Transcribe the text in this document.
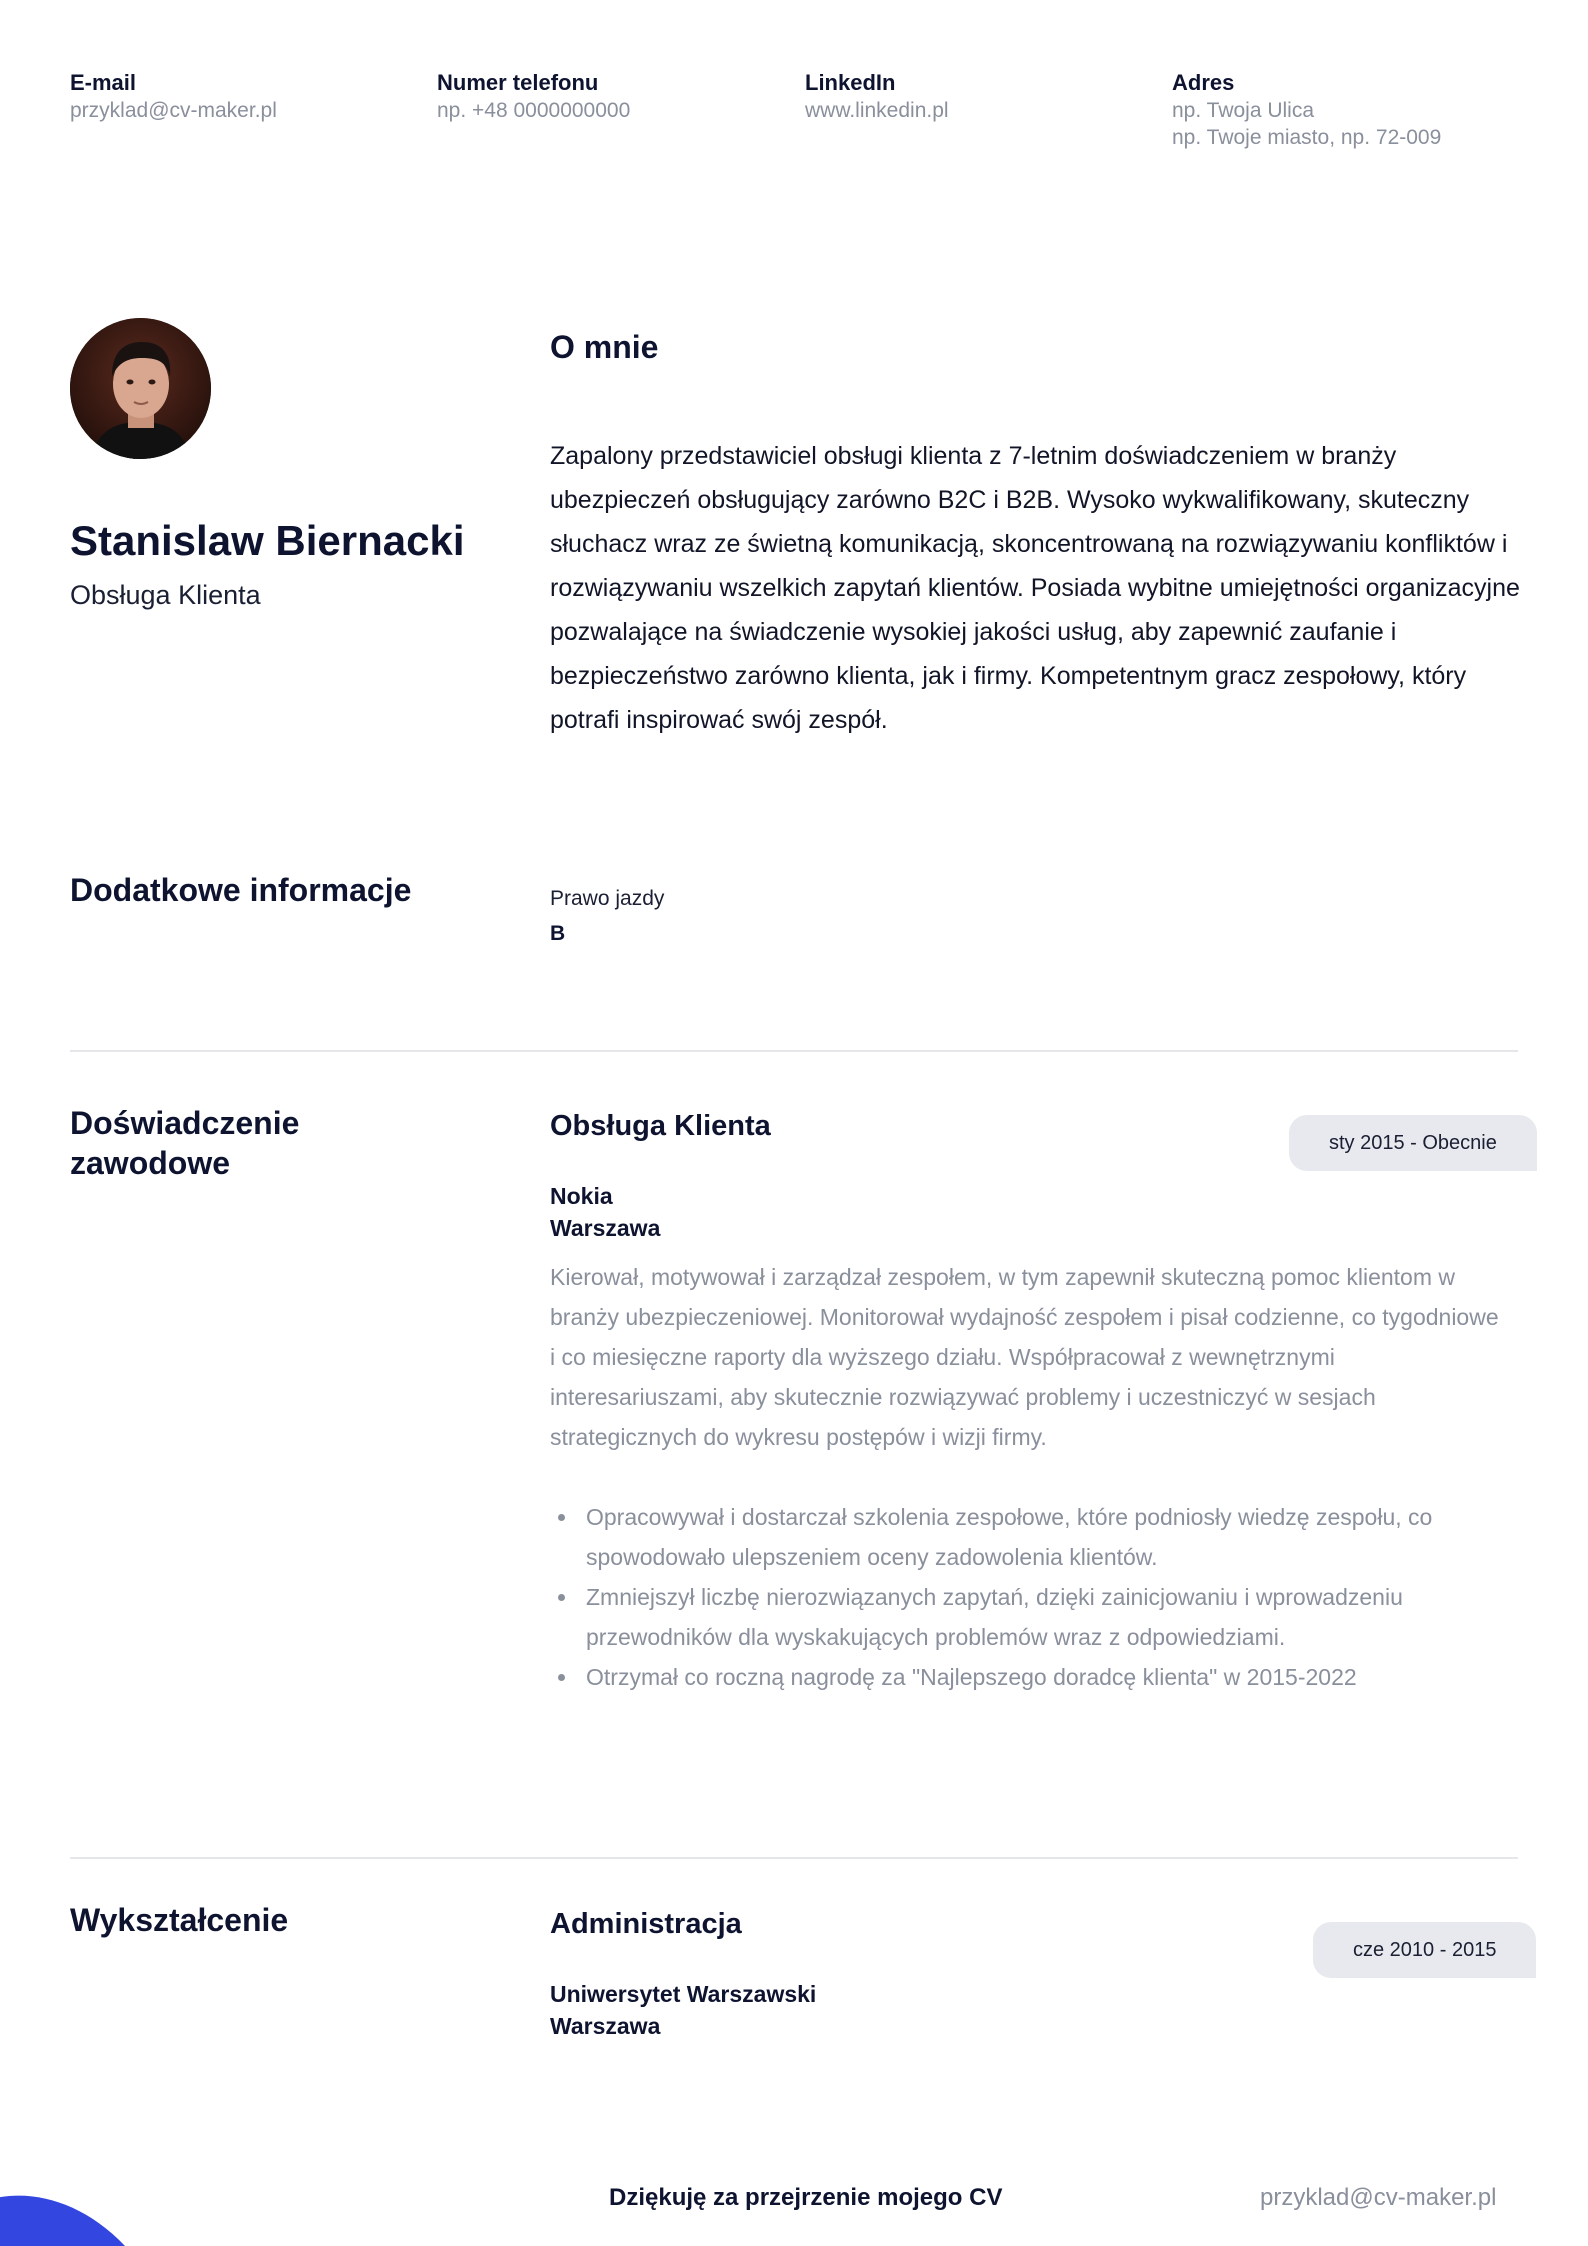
E-mail
przyklad@cv-maker.pl
Numer telefonu
np. +48 0000000000
LinkedIn
www.linkedin.pl
Adres
np. Twoja Ulica
np. Twoje miasto, np. 72-009
Stanislaw Biernacki
Obsługa Klienta
O mnie
Zapalony przedstawiciel obsługi klienta z 7-letnim doświadczeniem w branży ubezpieczeń obsługujący zarówno B2C i B2B. Wysoko wykwalifikowany, skuteczny słuchacz wraz ze świetną komunikacją, skoncentrowaną na rozwiązywaniu konfliktów i rozwiązywaniu wszelkich zapytań klientów. Posiada wybitne umiejętności organizacyjne pozwalające na świadczenie wysokiej jakości usług, aby zapewnić zaufanie i bezpieczeństwo zarówno klienta, jak i firmy. Kompetentnym gracz zespołowy, który potrafi inspirować swój zespół.
Dodatkowe informacje	Prawo jazdy
B
Doświadczenie zawodowe
Obsługa Klienta
sty 2015 - Obecnie
Nokia
Warszawa
Kierował, motywował i zarządzał zespołem, w tym zapewnił skuteczną pomoc klientom w branży ubezpieczeniowej. Monitorował wydajność zespołem i pisał codzienne, co tygodniowe i co miesięczne raporty dla wyższego działu. Współpracował z wewnętrznymi interesariuszami, aby skutecznie rozwiązywać problemy i uczestniczyć w sesjach strategicznych do wykresu postępów i wizji firmy.
Opracowywał i dostarczał szkolenia zespołowe, które podniosły wiedzę zespołu, co spowodowało ulepszeniem oceny zadowolenia klientów.
Zmniejszył liczbę nierozwiązanych zapytań, dzięki zainicjowaniu i wprowadzeniu przewodników dla wyskakujących problemów wraz z odpowiedziami.
Otrzymał co roczną nagrodę za "Najlepszego doradcę klienta" w 2015-2022
Wykształcenie	Administracja
cze 2010 - 2015
Uniwersytet Warszawski
Warszawa
Dziękuję za przejrzenie mojego CV	przyklad@cv-maker.pl
